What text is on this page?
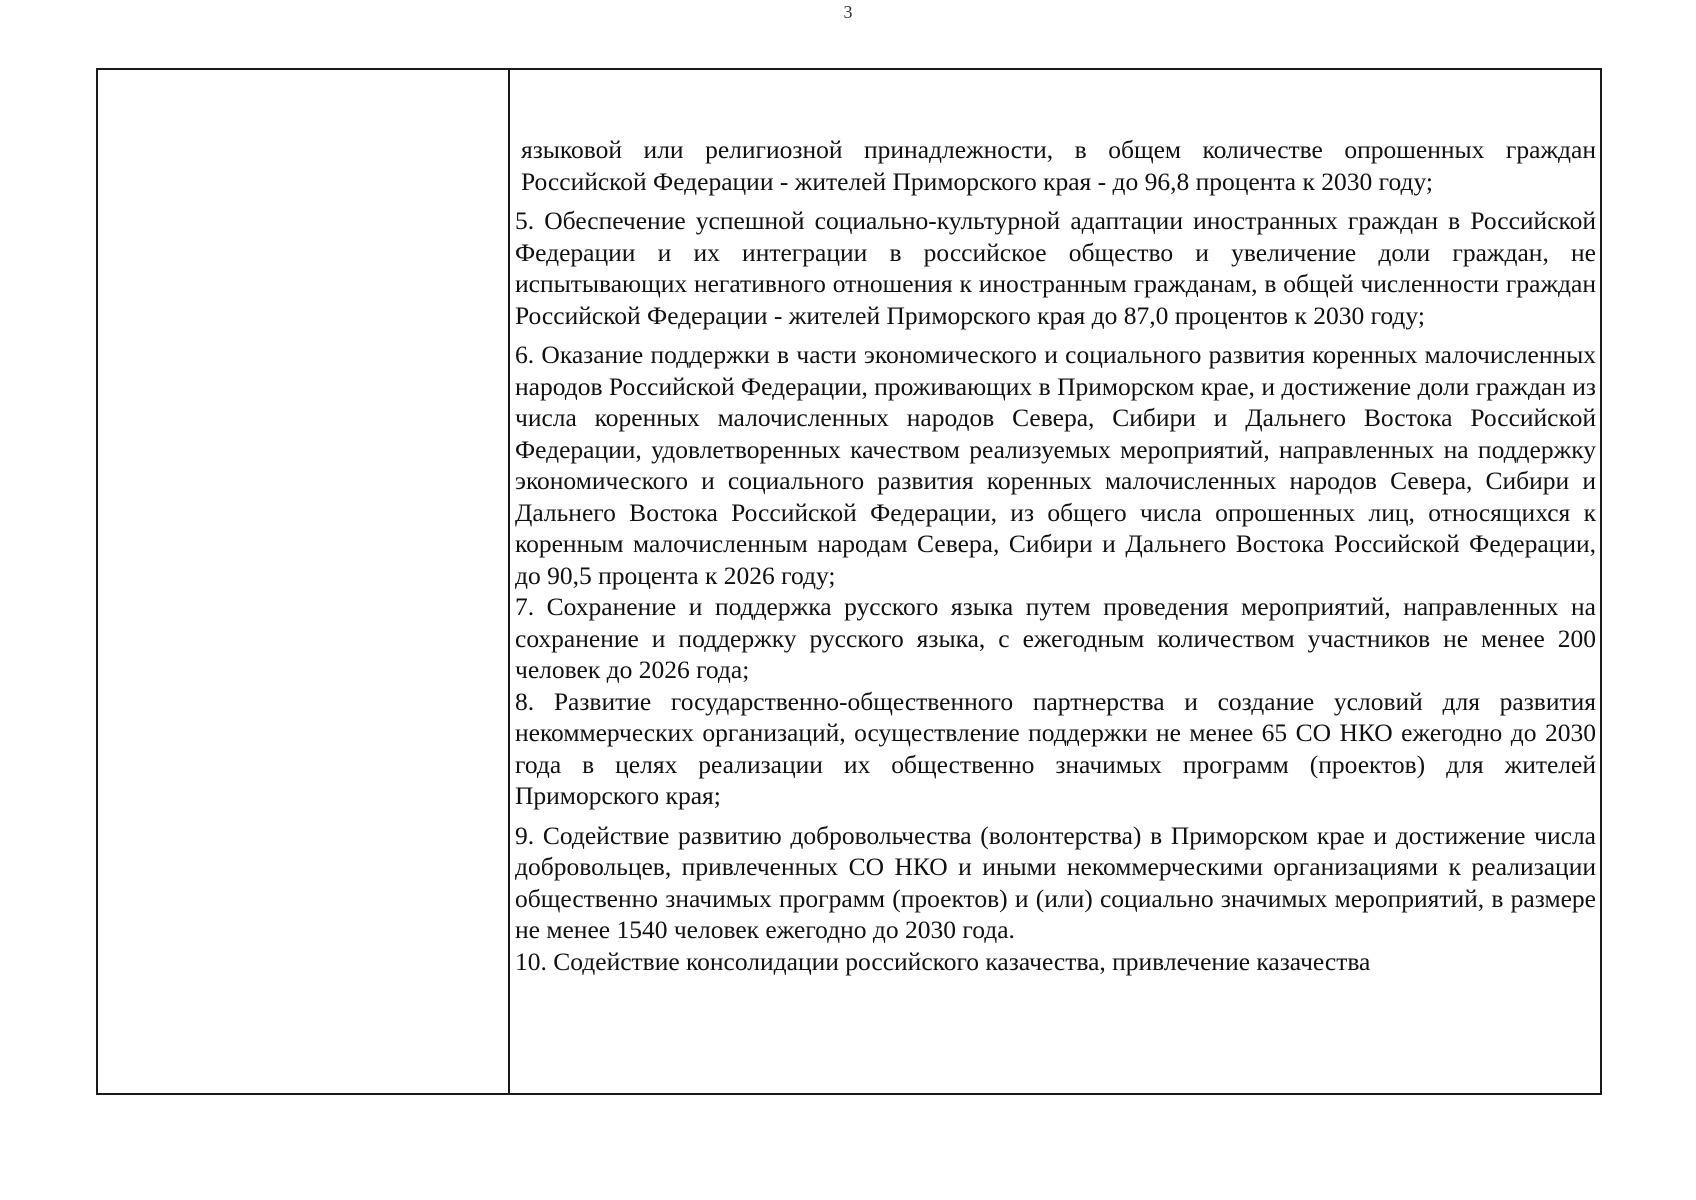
3

языковой или религиозной принадлежности, в общем количестве опрошенных граждан Российской Федерации - жителей Приморского края - до 96,8 процента к 2030 году;

5. Обеспечение успешной социально-культурной адаптации иностранных граждан в Российской Федерации и их интеграции в российское общество и увеличение доли граждан, не испытывающих негативного отношения к иностранным гражданам, в общей численности граждан Российской Федерации - жителей Приморского края до 87,0 процентов к 2030 году;

6. Оказание поддержки в части экономического и социального развития коренных малочисленных народов Российской Федерации, проживающих в Приморском крае, и достижение доли граждан из числа коренных малочисленных народов Севера, Сибири и Дальнего Востока Российской Федерации, удовлетворенных качеством реализуемых мероприятий, направленных на поддержку экономического и социального развития коренных малочисленных народов Севера, Сибири и Дальнего Востока Российской Федерации, из общего числа опрошенных лиц, относящихся к коренным малочисленным народам Севера, Сибири и Дальнего Востока Российской Федерации, до 90,5 процента к 2026 году;

7. Сохранение и поддержка русского языка путем проведения мероприятий, направленных на сохранение и поддержку русского языка, с ежегодным количеством участников не менее 200 человек до 2026 года;

8. Развитие государственно-общественного партнерства и создание условий для развития некоммерческих организаций, осуществление поддержки не менее 65 СО НКО ежегодно до 2030 года в целях реализации их общественно значимых программ (проектов) для жителей Приморского края;

9. Содействие развитию добровольчества (волонтерства) в Приморском крае и достижение числа добровольцев, привлеченных СО НКО и иными некоммерческими организациями к реализации общественно значимых программ (проектов) и (или) социально значимых мероприятий, в размере не менее 1540 человек ежегодно до 2030 года.

10. Содействие консолидации российского казачества, привлечение казачества
